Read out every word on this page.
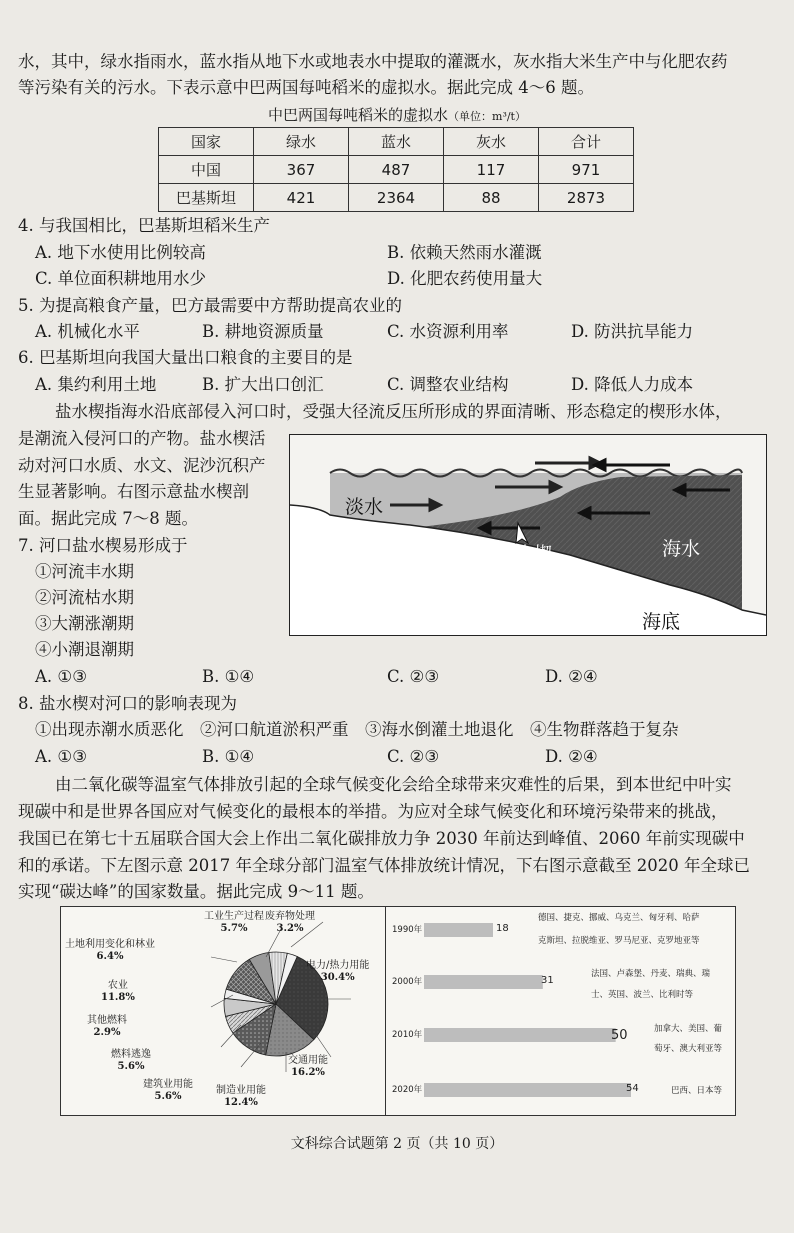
水，其中，绿水指雨水，蓝水指从地下水或地表水中提取的灌溉水，灰水指大米生产中与化肥农药
等污染有关的污水。下表示意中巴两国每吨稻米的虚拟水。据此完成 4～6 题。
中巴两国每吨稻米的虚拟水（单位：m³/t）
国家	绿水	蓝水	灰水	合计
中国	367	487	117	971
巴基斯坦	421	2364	88	2873
4. 与我国相比，巴基斯坦稻米生产
A. 地下水使用比例较高	B. 依赖天然雨水灌溉
C. 单位面积耕地用水少	D. 化肥农药使用量大
5. 为提高粮食产量，巴方最需要中方帮助提高农业的
A. 机械化水平	B. 耕地资源质量	C. 水资源利用率	D. 防洪抗旱能力
6. 巴基斯坦向我国大量出口粮食的主要目的是
A. 集约利用土地	B. 扩大出口创汇	C. 调整农业结构	D. 降低人力成本
盐水楔指海水沿底部侵入河口时，受强大径流反压所形成的界面清晰、形态稳定的楔形水体，
是潮流入侵河口的产物。盐水楔活
动对河口水质、水文、泥沙沉积产
生显著影响。右图示意盐水楔剖
面。据此完成 7～8 题。
淡水
盐水楔	海水
海底
7. 河口盐水楔易形成于
①河流丰水期
②河流枯水期
③大潮涨潮期
④小潮退潮期
A. ①③	B. ①④	C. ②③	D. ②④
8. 盐水楔对河口的影响表现为
①出现赤潮水质恶化　②河口航道淤积严重　③海水倒灌土地退化　④生物群落趋于复杂
A. ①③	B. ①④	C. ②③	D. ②④
由二氧化碳等温室气体排放引起的全球气候变化会给全球带来灾难性的后果，到本世纪中叶实
现碳中和是世界各国应对气候变化的最根本的举措。为应对全球气候变化和环境污染带来的挑战，
我国已在第七十五届联合国大会上作出二氧化碳排放力争 2030 年前达到峰值、2060 年前实现碳中
和的承诺。下左图示意 2017 年全球分部门温室气体排放统计情况，下右图示意截至 2020 年全球已
实现“碳达峰”的国家数量。据此完成 9～11 题。
工业生产过程
5.7%
废弃物处理
3.2%
土地利用变化和林业
6.4%
电力/热力用能
30.4%
农业
11.8%
其他燃料
2.9%
燃料逃逸
5.6%
交通用能
16.2%
建筑业用能
5.6%
制造业用能
12.4%
1990年
2000年
2010年
2020年
18
31
50
54
德国、捷克、挪威、乌克兰、匈牙利、哈萨
克斯坦、拉脱维亚、罗马尼亚、克罗地亚等
法国、卢森堡、丹麦、瑞典、瑞
士、英国、波兰、比利时等
加拿大、美国、葡
萄牙、澳大利亚等
巴西、日本等
文科综合试题第 2 页（共 10 页）
